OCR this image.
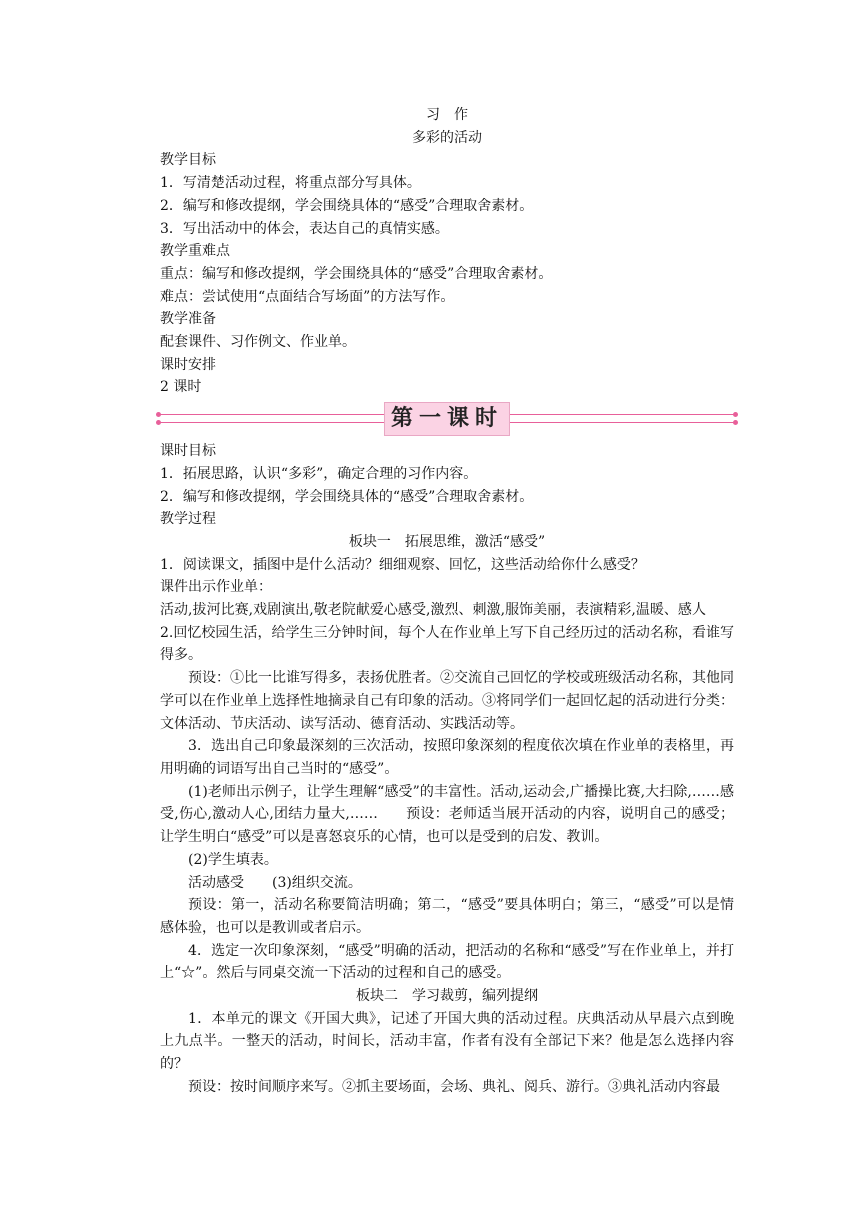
习　作

多彩的活动

教学目标

1．写清楚活动过程，将重点部分写具体。

2．编写和修改提纲，学会围绕具体的“感受”合理取舍素材。

3．写出活动中的体会，表达自己的真情实感。

教学重难点

重点：编写和修改提纲，学会围绕具体的“感受”合理取舍素材。

难点：尝试使用“点面结合写场面”的方法写作。

教学准备

配套课件、习作例文、作业单。

课时安排

2 课时

第一课时

课时目标

1．拓展思路，认识“多彩”，确定合理的习作内容。

2．编写和修改提纲，学会围绕具体的“感受”合理取舍素材。

教学过程

板块一　拓展思维，激活“感受”

1．阅读课文，插图中是什么活动？细细观察、回忆，这些活动给你什么感受？

课件出示作业单：

活动,拔河比赛,戏剧演出,敬老院献爱心感受,激烈、刺激,服饰美丽，表演精彩,温暖、感人2.回忆校园生活，给学生三分钟时间，每个人在作业单上写下自己经历过的活动名称，看谁写得多。

预设：①比一比谁写得多，表扬优胜者。②交流自己回忆的学校或班级活动名称，其他同学可以在作业单上选择性地摘录自己有印象的活动。③将同学们一起回忆起的活动进行分类：文体活动、节庆活动、读写活动、德育活动、实践活动等。

3．选出自己印象最深刻的三次活动，按照印象深刻的程度依次填在作业单的表格里，再用明确的词语写出自己当时的“感受”。

(1)老师出示例子，让学生理解“感受”的丰富性。活动,运动会,广播操比赛,大扫除,……感受,伤心,激动人心,团结力量大,…… 预设：老师适当展开活动的内容，说明自己的感受；让学生明白“感受”可以是喜怒哀乐的心情，也可以是受到的启发、教训。

(2)学生填表。

活动感受 (3)组织交流。

预设：第一，活动名称要简洁明确；第二，“感受”要具体明白；第三，“感受”可以是情感体验，也可以是教训或者启示。

4．选定一次印象深刻，“感受”明确的活动，把活动的名称和“感受”写在作业单上，并打上“☆”。然后与同桌交流一下活动的过程和自己的感受。

板块二　学习裁剪，编列提纲

1．本单元的课文《开国大典》，记述了开国大典的活动过程。庆典活动从早晨六点到晚上九点半。一整天的活动，时间长，活动丰富，作者有没有全部记下来？他是怎么选择内容的？

预设：按时间顺序来写。②抓主要场面，会场、典礼、阅兵、游行。③典礼活动内容最
